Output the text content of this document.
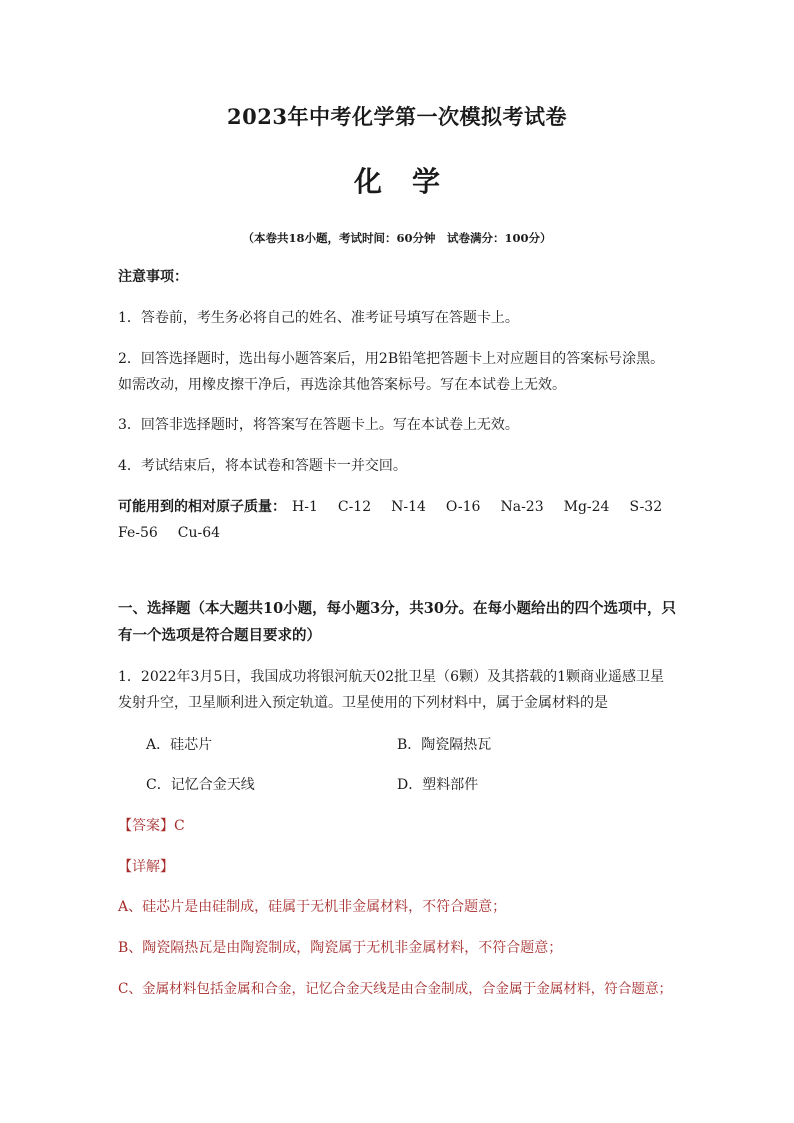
2023年中考化学第一次模拟考试卷
化学
（本卷共18小题，考试时间：60分钟　试卷满分：100分）
注意事项：
1．答卷前，考生务必将自己的姓名、准考证号填写在答题卡上。
2．回答选择题时，选出每小题答案后，用2B铅笔把答题卡上对应题目的答案标号涂黑。
如需改动，用橡皮擦干净后，再选涂其他答案标号。写在本试卷上无效。
3．回答非选择题时，将答案写在答题卡上。写在本试卷上无效。
4．考试结束后，将本试卷和答题卡一并交回。
可能用到的相对原子质量： H-1 C-12 N-14 O-16 Na-23 Mg-24 S-32
Fe-56 Cu-64
一、选择题（本大题共10小题，每小题3分，共30分。在每小题给出的四个选项中，只
有一个选项是符合题目要求的）
1．2022年3月5日，我国成功将银河航天02批卫星（6颗）及其搭载的1颗商业遥感卫星
发射升空，卫星顺利进入预定轨道。卫星使用的下列材料中，属于金属材料的是
A．硅芯片	B．陶瓷隔热瓦
C．记忆合金天线	D．塑料部件
【答案】C
【详解】
A、硅芯片是由硅制成，硅属于无机非金属材料，不符合题意；
B、陶瓷隔热瓦是由陶瓷制成，陶瓷属于无机非金属材料，不符合题意；
C、金属材料包括金属和合金，记忆合金天线是由合金制成，合金属于金属材料，符合题意；
